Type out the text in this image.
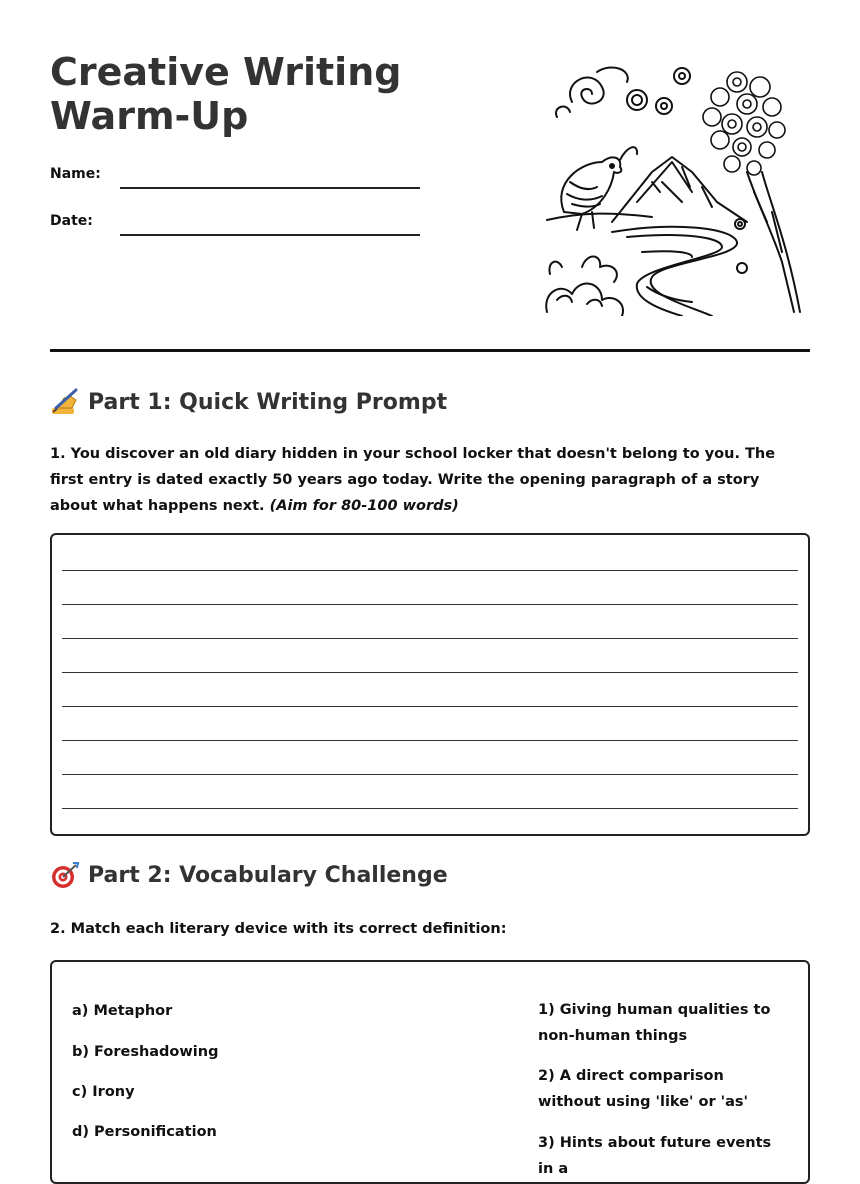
Creative Writing Warm-Up
Name:
Date:
Part 1: Quick Writing Prompt
1. You discover an old diary hidden in your school locker that doesn't belong to you. The first entry is dated exactly 50 years ago today. Write the opening paragraph of a story about what happens next. (Aim for 80-100 words)
Part 2: Vocabulary Challenge
2. Match each literary device with its correct definition:
a) Metaphor
b) Foreshadowing
c) Irony
d) Personification
1) Giving human qualities to non-human things
2) A direct comparison without using 'like' or 'as'
3) Hints about future events in a
